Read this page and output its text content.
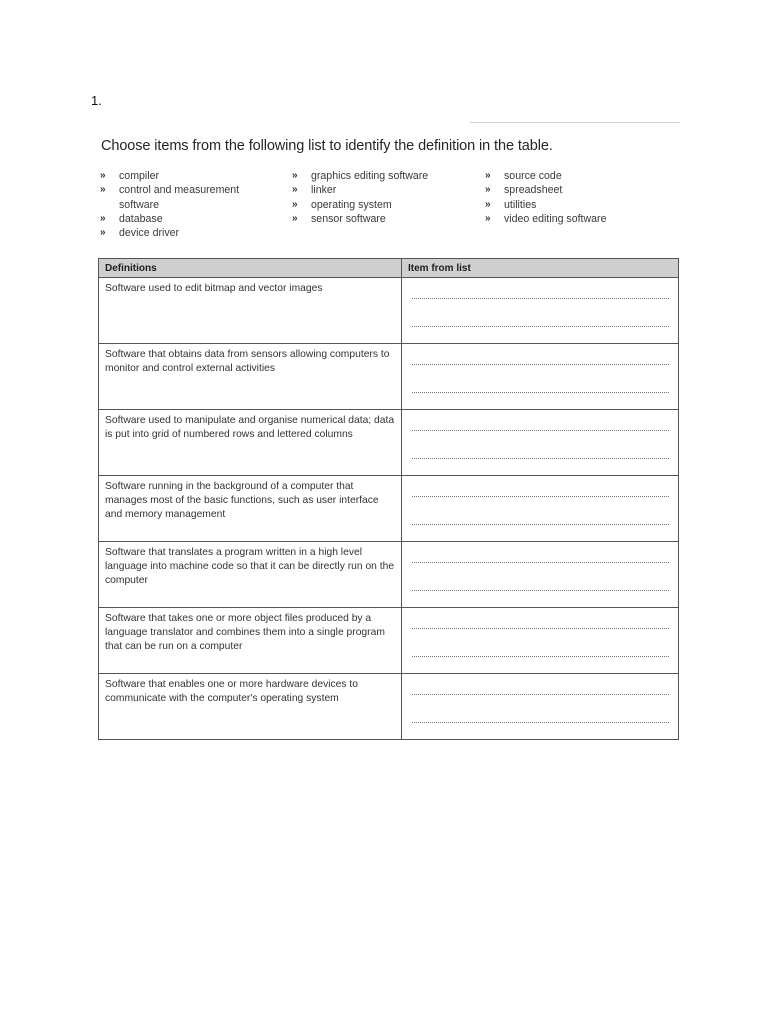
1.
Choose items from the following list to identify the definition in the table.
» compiler
» control and measurement software
» database
» device driver
» graphics editing software
» linker
» operating system
» sensor software
» source code
» spreadsheet
» utilities
» video editing software
Definitions	Item from list
Software used to edit bitmap and vector images	

Software that obtains data from sensors allowing computers to monitor and control external activities	

Software used to manipulate and organise numerical data; data is put into grid of numbered rows and lettered columns	

Software running in the background of a computer that manages most of the basic functions, such as user interface and memory management	

Software that translates a program written in a high level language into machine code so that it can be directly run on the computer	

Software that takes one or more object files produced by a language translator and combines them into a single program that can be run on a computer	

Software that enables one or more hardware devices to communicate with the computer's operating system	
